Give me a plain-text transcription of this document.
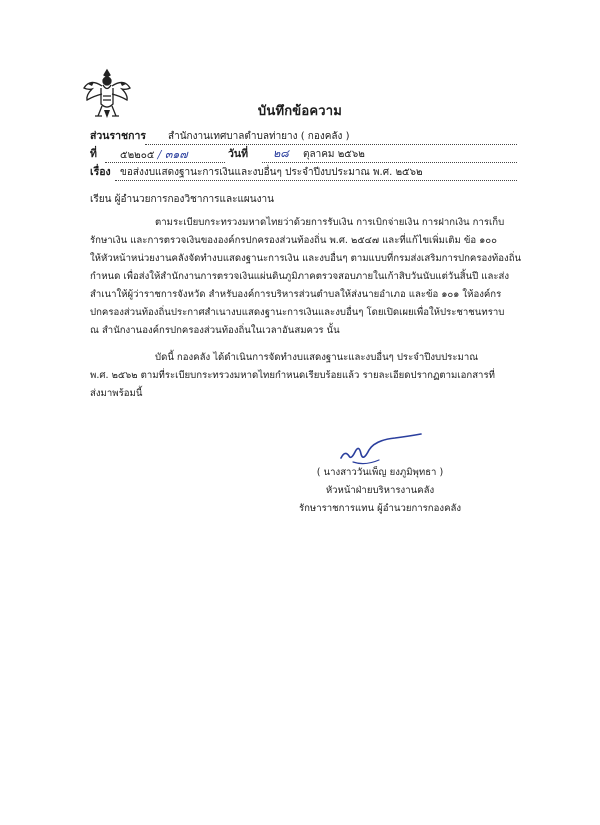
บันทึกข้อความ
ส่วนราชการ สำนักงานเทศบาลตำบลท่ายาง ( กองคลัง )
ที่ ๕๒๒๐๕ / ๓๑๗	วันที่ ๒๘ ตุลาคม ๒๕๖๒
เรื่อง ขอส่งงบแสดงฐานะการเงินและงบอื่นๆ ประจำปีงบประมาณ พ.ศ. ๒๕๖๒
เรียน ผู้อำนวยการกองวิชาการและแผนงาน
ตามระเบียบกระทรวงมหาดไทยว่าด้วยการรับเงิน การเบิกจ่ายเงิน การฝากเงิน การเก็บ
รักษาเงิน และการตรวจเงินขององค์กรปกครองส่วนท้องถิ่น พ.ศ. ๒๕๔๗ และที่แก้ไขเพิ่มเติม ข้อ ๑๐๐
ให้หัวหน้าหน่วยงานคลังจัดทำงบแสดงฐานะการเงิน และงบอื่นๆ ตามแบบที่กรมส่งเสริมการปกครองท้องถิ่น
กำหนด เพื่อส่งให้สำนักงานการตรวจเงินแผ่นดินภูมิภาคตรวจสอบภายในเก้าสิบวันนับแต่วันสิ้นปี และส่ง
สำเนาให้ผู้ว่าราชการจังหวัด สำหรับองค์การบริหารส่วนตำบลให้ส่งนายอำเภอ และข้อ ๑๐๑ ให้องค์กร
ปกครองส่วนท้องถิ่นประกาศสำเนางบแสดงฐานะการเงินและงบอื่นๆ โดยเปิดเผยเพื่อให้ประชาชนทราบ
ณ สำนักงานองค์กรปกครองส่วนท้องถิ่นในเวลาอันสมควร นั้น
บัดนี้ กองคลัง ได้ดำเนินการจัดทำงบแสดงฐานะและงบอื่นๆ ประจำปีงบประมาณ
พ.ศ. ๒๕๖๒ ตามที่ระเบียบกระทรวงมหาดไทยกำหนดเรียบร้อยแล้ว รายละเอียดปรากฏตามเอกสารที่
ส่งมาพร้อมนี้
( นางสาววันเพ็ญ ยงภูมิพุทธา )
หัวหน้าฝ่ายบริหารงานคลัง
รักษาราชการแทน ผู้อำนวยการกองคลัง
